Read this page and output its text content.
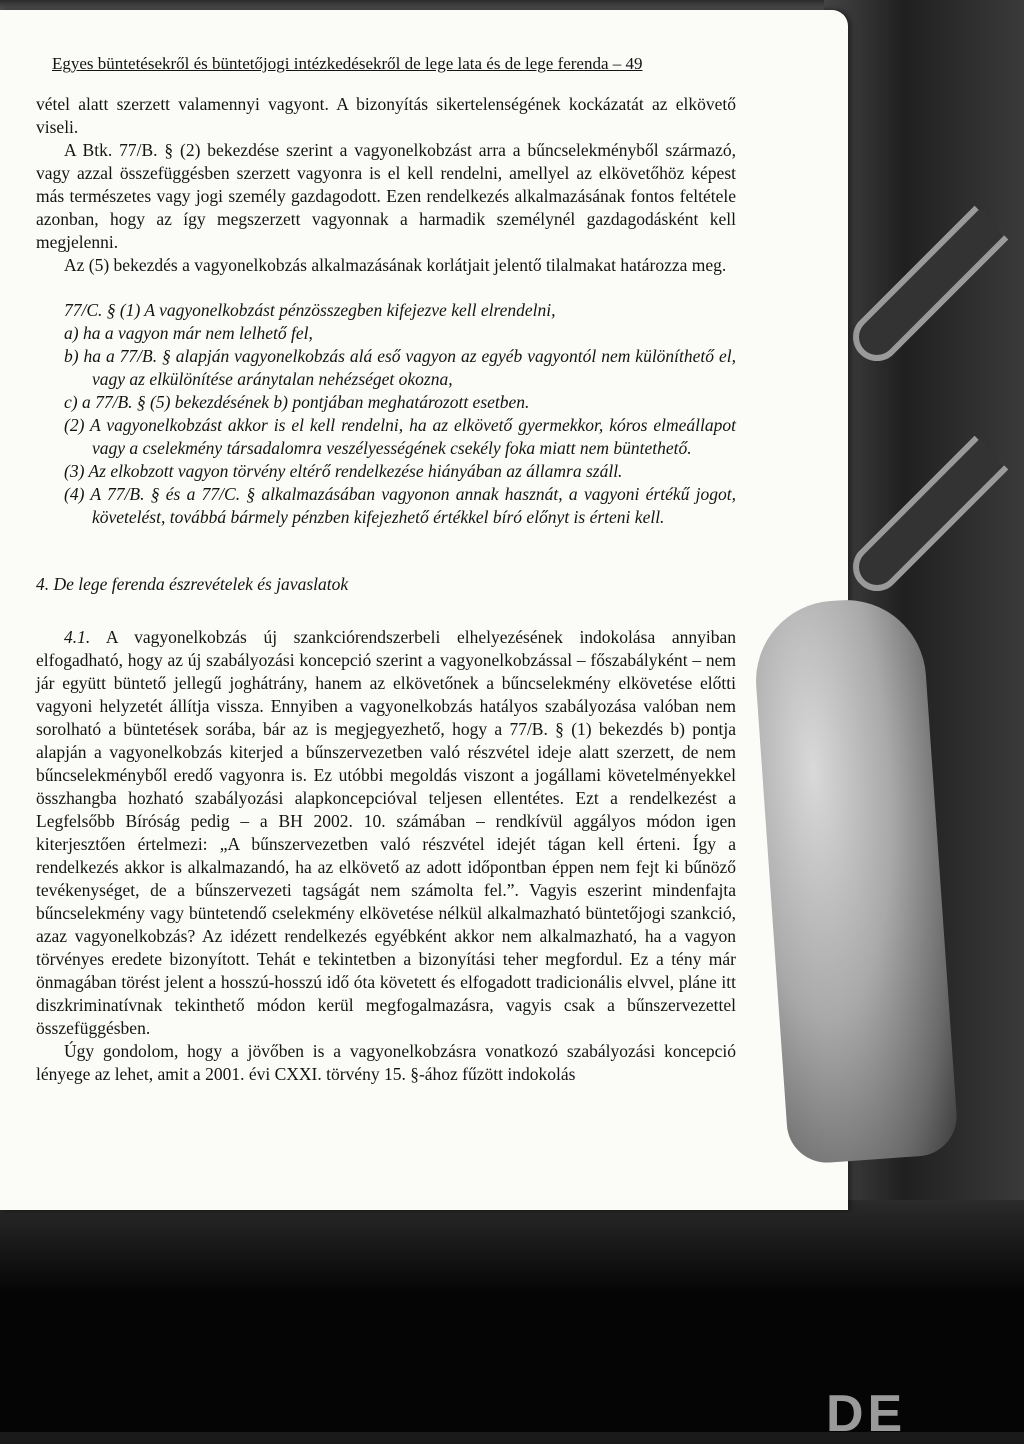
Egyes büntetésekről és büntetőjogi intézkedésekről de lege lata és de lege ferenda – 49

vétel alatt szerzett valamennyi vagyont. A bizonyítás sikertelenségének kockázatát az elkövető viseli.

A Btk. 77/B. § (2) bekezdése szerint a vagyonelkobzást arra a bűncselekményből származó, vagy azzal összefüggésben szerzett vagyonra is el kell rendelni, amellyel az elkövetőhöz képest más természetes vagy jogi személy gazdagodott. Ezen rendelkezés alkalmazásának fontos feltétele azonban, hogy az így megszerzett vagyonnak a harmadik személynél gazdagodásként kell megjelenni.

Az (5) bekezdés a vagyonelkobzás alkalmazásának korlátjait jelentő tilalmakat határozza meg.

77/C. § (1) A vagyonelkobzást pénzösszegben kifejezve kell elrendelni,

a) ha a vagyon már nem lelhető fel,

b) ha a 77/B. § alapján vagyonelkobzás alá eső vagyon az egyéb vagyontól nem különíthető el, vagy az elkülönítése aránytalan nehézséget okozna,

c) a 77/B. § (5) bekezdésének b) pontjában meghatározott esetben.

(2) A vagyonelkobzást akkor is el kell rendelni, ha az elkövető gyermekkor, kóros elmeállapot vagy a cselekmény társadalomra veszélyességének csekély foka miatt nem büntethető.

(3) Az elkobzott vagyon törvény eltérő rendelkezése hiányában az államra száll.

(4) A 77/B. § és a 77/C. § alkalmazásában vagyonon annak hasznát, a vagyoni értékű jogot, követelést, továbbá bármely pénzben kifejezhető értékkel bíró előnyt is érteni kell.

4. De lege ferenda észrevételek és javaslatok

4.1. A vagyonelkobzás új szankciórendszerbeli elhelyezésének indokolása annyiban elfogadható, hogy az új szabályozási koncepció szerint a vagyonelkobzással – főszabályként – nem jár együtt büntető jellegű joghátrány, hanem az elkövetőnek a bűncselekmény elkövetése előtti vagyoni helyzetét állítja vissza. Ennyiben a vagyonelkobzás hatályos szabályozása valóban nem sorolható a büntetések sorába, bár az is megjegyezhető, hogy a 77/B. § (1) bekezdés b) pontja alapján a vagyonelkobzás kiterjed a bűnszervezetben való részvétel ideje alatt szerzett, de nem bűncselekményből eredő vagyonra is. Ez utóbbi megoldás viszont a jogállami követelményekkel összhangba hozható szabályozási alapkoncepcióval teljesen ellentétes. Ezt a rendelkezést a Legfelsőbb Bíróság pedig – a BH 2002. 10. számában – rendkívül aggályos módon igen kiterjesztően értelmezi: „A bűnszervezetben való részvétel idejét tágan kell érteni. Így a rendelkezés akkor is alkalmazandó, ha az elkövető az adott időpontban éppen nem fejt ki bűnöző tevékenységet, de a bűnszervezeti tagságát nem számolta fel.”. Vagyis eszerint mindenfajta bűncselekmény vagy büntetendő cselekmény elkövetése nélkül alkalmazható büntetőjogi szankció, azaz vagyonelkobzás? Az idézett rendelkezés egyébként akkor nem alkalmazható, ha a vagyon törvényes eredete bizonyított. Tehát e tekintetben a bizonyítási teher megfordul. Ez a tény már önmagában törést jelent a hosszú-hosszú idő óta követett és elfogadott tradicionális elvvel, pláne itt diszkriminatívnak tekinthető módon kerül megfogalmazásra, vagyis csak a bűnszervezettel összefüggésben.

Úgy gondolom, hogy a jövőben is a vagyonelkobzásra vonatkozó szabályozási koncepció lényege az lehet, amit a 2001. évi CXXI. törvény 15. §-ához fűzött indokolás

DE
